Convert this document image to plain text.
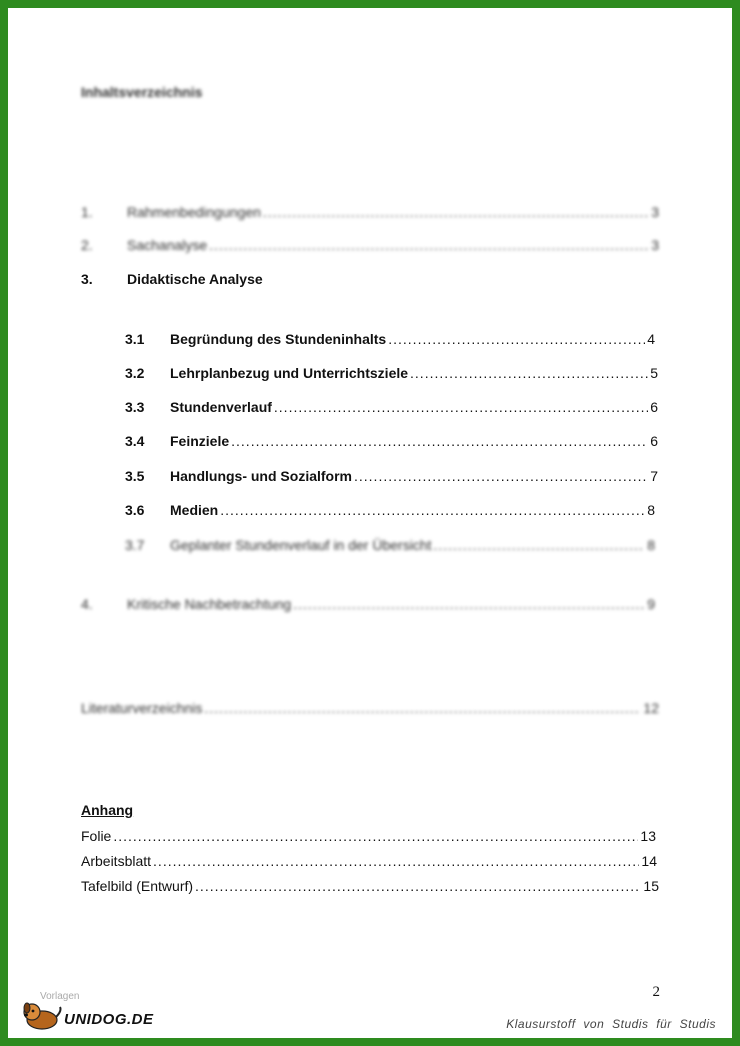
Inhaltsverzeichnis
1.	Rahmenbedingungen .....	3
2.	Sachanalyse .....	3
3.	Didaktische Analyse
3.1	Begründung des Stundeninhalts .....	4
3.2	Lehrplanbezug und Unterrichtsziele .....	5
3.3	Stundenverlauf .....	6
3.4	Feinziele .....	6
3.5	Handlungs- und Sozialform .....	7
3.6	Medien .....	8
3.7	Geplanter Stundenverlauf in der Übersicht .....	8
4.	Kritische Nachbetrachtung .....	9
Literaturverzeichnis .....	12
Anhang
Folie .....	13
Arbeitsblatt .....	14
Tafelbild (Entwurf) .....	15
2
Klausurstoff von Studis für Studis
Vorlagen
UNIDOG.DE
